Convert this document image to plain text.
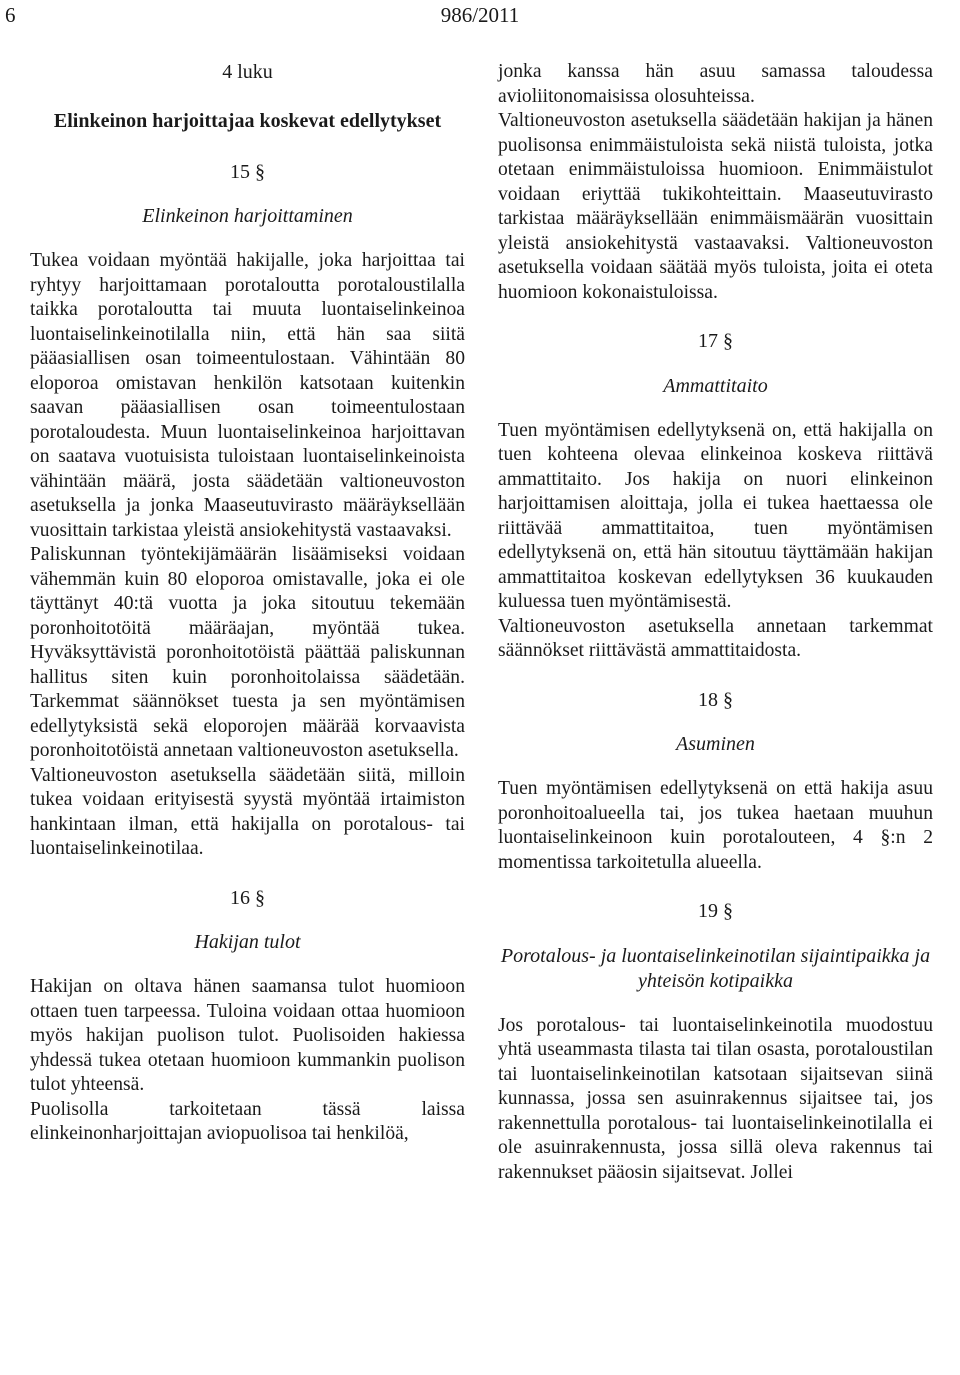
6	986/2011
4 luku
Elinkeinon harjoittajaa koskevat edellytykset
15 §
Elinkeinon harjoittaminen

Tukea voidaan myöntää hakijalle, joka harjoittaa tai ryhtyy harjoittamaan porotaloutta porotaloustilalla taikka porotaloutta tai muuta luontaiselinkeinoa luontaiselinkeinotilalla niin, että hän saa siitä pääasiallisen osan toimeentulostaan. Vähintään 80 eloporoa omistavan henkilön katsotaan kuitenkin saavan pääasiallisen osan toimeentulostaan porotaloudesta. Muun luontaiselinkeinoa harjoittavan on saatava vuotuisista tuloistaan luontaiselinkeinoista vähintään määrä, josta säädetään valtioneuvoston asetuksella ja jonka Maaseutuvirasto määräyksellään vuosittain tarkistaa yleistä ansiokehitystä vastaavaksi.

Paliskunnan työntekijämäärän lisäämiseksi voidaan vähemmän kuin 80 eloporoa omistavalle, joka ei ole täyttänyt 40:tä vuotta ja joka sitoutuu tekemään poronhoitotöitä määräajan, myöntää tukea. Hyväksyttävistä poronhoitotöistä päättää paliskunnan hallitus siten kuin poronhoitolaissa säädetään. Tarkemmat säännökset tuesta ja sen myöntämisen edellytyksistä sekä eloporojen määrää korvaavista poronhoitotöistä annetaan valtioneuvoston asetuksella.

Valtioneuvoston asetuksella säädetään siitä, milloin tukea voidaan erityisestä syystä myöntää irtaimiston hankintaan ilman, että hakijalla on porotalous- tai luontaiselinkeinotilaa.

16 §
Hakijan tulot

Hakijan on oltava hänen saamansa tulot huomioon ottaen tuen tarpeessa. Tuloina voidaan ottaa huomioon myös hakijan puolison tulot. Puolisoiden hakiessa yhdessä tukea otetaan huomioon kummankin puolison tulot yhteensä.

Puolisolla tarkoitetaan tässä laissa elinkeinonharjoittajan aviopuolisoa tai henkilöä,

jonka kanssa hän asuu samassa taloudessa avioliitonomaisissa olosuhteissa.

Valtioneuvoston asetuksella säädetään hakijan ja hänen puolisonsa enimmäistuloista sekä niistä tuloista, jotka otetaan enimmäistuloissa huomioon. Enimmäistulot voidaan eriyttää tukikohteittain. Maaseutuvirasto tarkistaa määräyksellään enimmäismäärän vuosittain yleistä ansiokehitystä vastaavaksi. Valtioneuvoston asetuksella voidaan säätää myös tuloista, joita ei oteta huomioon kokonaistuloissa.

17 §
Ammattitaito

Tuen myöntämisen edellytyksenä on, että hakijalla on tuen kohteena olevaa elinkeinoa koskeva riittävä ammattitaito. Jos hakija on nuori elinkeinon harjoittamisen aloittaja, jolla ei tukea haettaessa ole riittävää ammattitaitoa, tuen myöntämisen edellytyksenä on, että hän sitoutuu täyttämään hakijan ammattitaitoa koskevan edellytyksen 36 kuukauden kuluessa tuen myöntämisestä.

Valtioneuvoston asetuksella annetaan tarkemmat säännökset riittävästä ammattitaidosta.

18 §
Asuminen

Tuen myöntämisen edellytyksenä on että hakija asuu poronhoitoalueella tai, jos tukea haetaan muuhun luontaiselinkeinoon kuin porotalouteen, 4 §:n 2 momentissa tarkoitetulla alueella.

19 §
Porotalous- ja luontaiselinkeinotilan sijaintipaikka ja yhteisön kotipaikka

Jos porotalous- tai luontaiselinkeinotila muodostuu yhtä useammasta tilasta tai tilan osasta, porotaloustilan tai luontaiselinkeinotilan katsotaan sijaitsevan siinä kunnassa, jossa sen asuinrakennus sijaitsee tai, jos rakennettulla porotalous- tai luontaiselinkeinotilalla ei ole asuinrakennusta, jossa sillä oleva rakennus tai rakennukset pääosin sijaitsevat. Jollei
